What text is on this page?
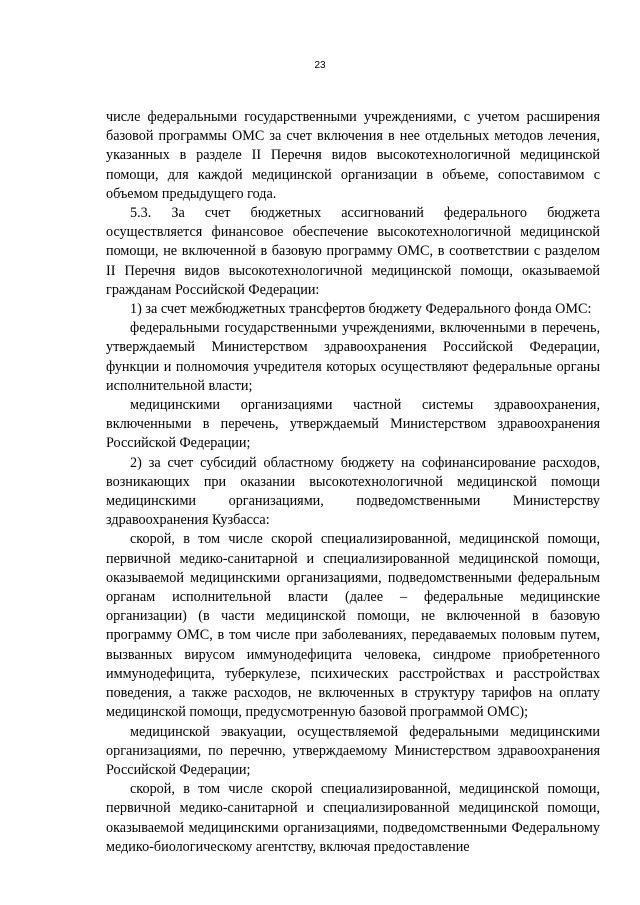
23

числе федеральными государственными учреждениями, с учетом расширения базовой программы ОМС за счет включения в нее отдельных методов лечения, указанных в разделе II Перечня видов высокотехнологичной медицинской помощи, для каждой медицинской организации в объеме, сопоставимом с объемом предыдущего года.

5.3. За счет бюджетных ассигнований федерального бюджета осуществляется финансовое обеспечение высокотехнологичной медицинской помощи, не включенной в базовую программу ОМС, в соответствии с разделом II Перечня видов высокотехнологичной медицинской помощи, оказываемой гражданам Российской Федерации:

1) за счет межбюджетных трансфертов бюджету Федерального фонда ОМС:

федеральными государственными учреждениями, включенными в перечень, утверждаемый Министерством здравоохранения Российской Федерации, функции и полномочия учредителя которых осуществляют федеральные органы исполнительной власти;

медицинскими организациями частной системы здравоохранения, включенными в перечень, утверждаемый Министерством здравоохранения Российской Федерации;

2) за счет субсидий областному бюджету на софинансирование расходов, возникающих при оказании высокотехнологичной медицинской помощи медицинскими организациями, подведомственными Министерству здравоохранения Кузбасса:

скорой, в том числе скорой специализированной, медицинской помощи, первичной медико-санитарной и специализированной медицинской помощи, оказываемой медицинскими организациями, подведомственными федеральным органам исполнительной власти (далее – федеральные медицинские организации) (в части медицинской помощи, не включенной в базовую программу ОМС, в том числе при заболеваниях, передаваемых половым путем, вызванных вирусом иммунодефицита человека, синдроме приобретенного иммунодефицита, туберкулезе, психических расстройствах и расстройствах поведения, а также расходов, не включенных в структуру тарифов на оплату медицинской помощи, предусмотренную базовой программой ОМС);

медицинской эвакуации, осуществляемой федеральными медицинскими организациями, по перечню, утверждаемому Министерством здравоохранения Российской Федерации;

скорой, в том числе скорой специализированной, медицинской помощи, первичной медико-санитарной и специализированной медицинской помощи, оказываемой медицинскими организациями, подведомственными Федеральному медико-биологическому агентству, включая предоставление
